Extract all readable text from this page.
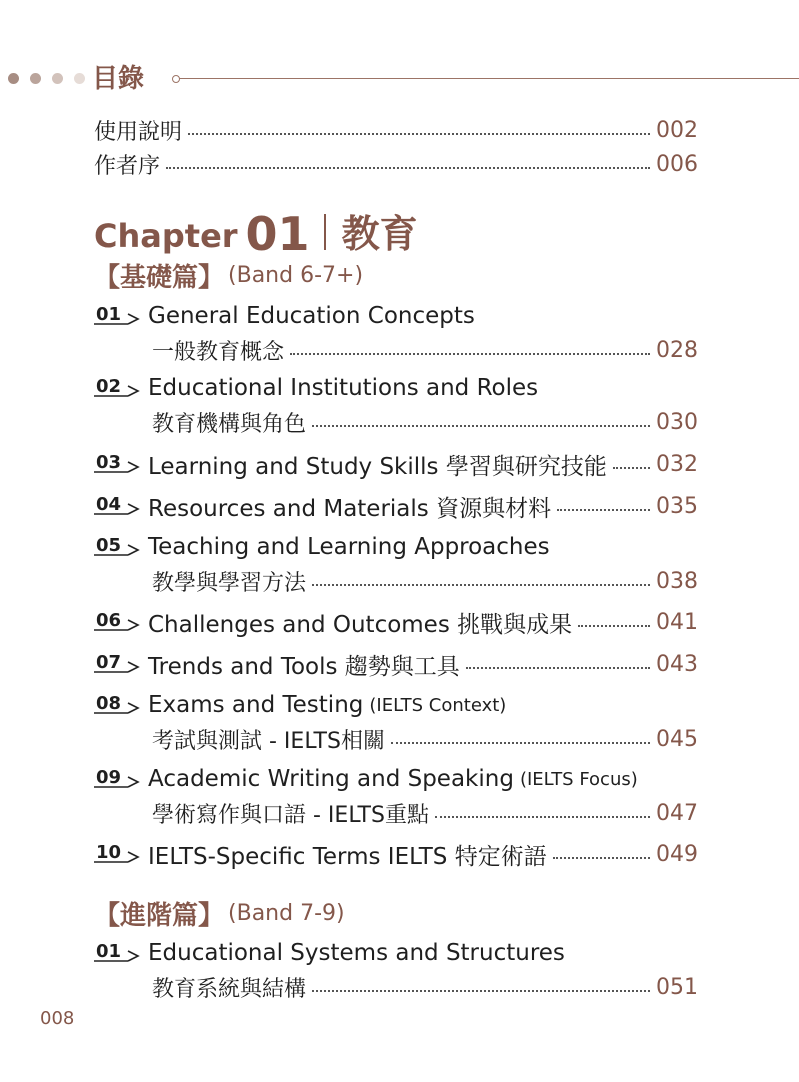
目錄
使用說明	002
作者序	006
Chapter 01 教育
【基礎篇】 (Band 6-7+)
01 General Education Concepts
一般教育概念	028
02 Educational Institutions and Roles
教育機構與角色	030
03 Learning and Study Skills 學習與研究技能 032
04 Resources and Materials 資源與材料	035
05 Teaching and Learning Approaches
教學與學習方法	038
06 Challenges and Outcomes 挑戰與成果	041
07 Trends and Tools 趨勢與工具	043
08 Exams and Testing (IELTS Context)
考試與測試 - IELTS相關	045
09 Academic Writing and Speaking (IELTS Focus)
學術寫作與口語 - IELTS重點	047
10 IELTS-Specific Terms IELTS 特定術語	049
【進階篇】 (Band 7-9)
01 Educational Systems and Structures
教育系統與結構	051
008
